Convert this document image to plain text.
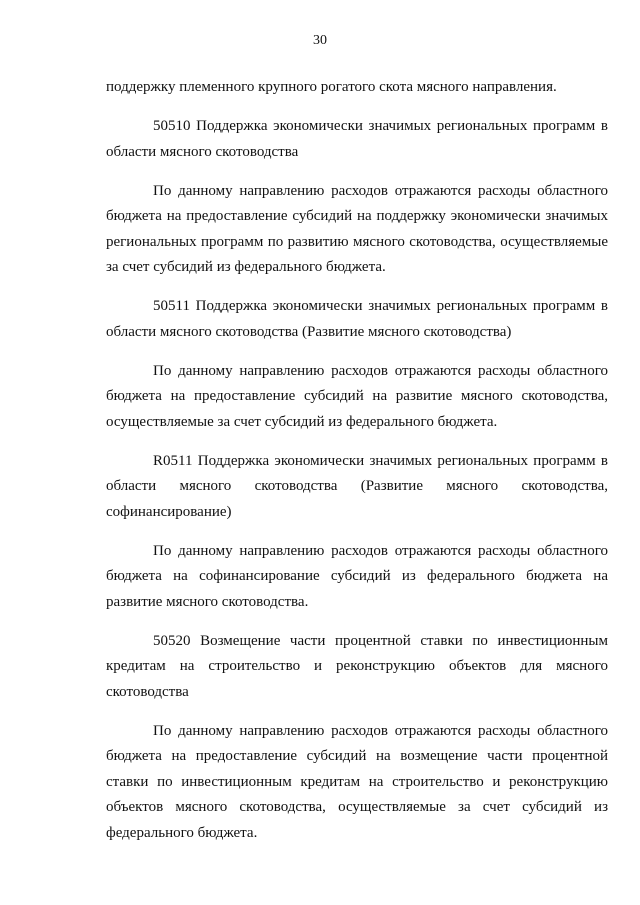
30

поддержку племенного крупного рогатого скота мясного направления.

50510 Поддержка экономически значимых региональных программ в области мясного скотоводства

По данному направлению расходов отражаются расходы областного бюджета на предоставление субсидий на поддержку экономически значимых региональных программ по развитию мясного скотоводства, осуществляемые за счет субсидий из федерального бюджета.

50511 Поддержка экономически значимых региональных программ в области мясного скотоводства (Развитие мясного скотоводства)

По данному направлению расходов отражаются расходы областного бюджета на предоставление субсидий на развитие мясного скотоводства, осуществляемые за счет субсидий из федерального бюджета.

R0511 Поддержка экономически значимых региональных программ в области мясного скотоводства (Развитие мясного скотоводства, софинансирование)

По данному направлению расходов отражаются расходы областного бюджета на софинансирование субсидий из федерального бюджета на развитие мясного скотоводства.

50520 Возмещение части процентной ставки по инвестиционным кредитам на строительство и реконструкцию объектов для мясного скотоводства

По данному направлению расходов отражаются расходы областного бюджета на предоставление субсидий на возмещение части процентной ставки по инвестиционным кредитам на строительство и реконструкцию объектов мясного скотоводства, осуществляемые за счет субсидий из федерального бюджета.
